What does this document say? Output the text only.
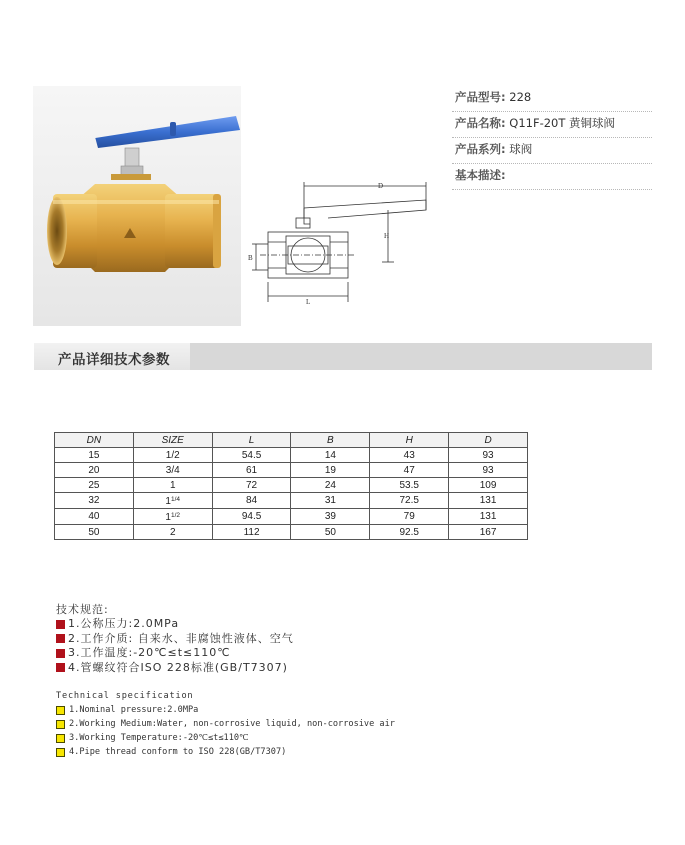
D
H
B
L
产品型号: 228
产品名称: Q11F-20T 黄铜球阀
产品系列: 球阀
基本描述:
产品详细技术参数
DN	SIZE	L	B	H	D
15	1/2	54.5	14	43	93
20	3/4	61	19	47	93
25	1	72	24	53.5	109
32	$1^{1/4}$	84	31	72.5	131
40	$1^{1/2}$	94.5	39	79	131
50	2	112	50	92.5	167
技术规范:
1.公称压力:2.0MPa
2.工作介质: 自来水、非腐蚀性液体、空气
3.工作温度:-20℃≤t≤110℃
4.管螺纹符合ISO 228标准(GB/T7307)
Technical specification
1.Nominal pressure:2.0MPa
2.Working Medium:Water, non-corrosive liquid, non-corrosive air
3.Working Temperature:-20℃≤t≤110℃
4.Pipe thread conform to ISO 228(GB/T7307)
